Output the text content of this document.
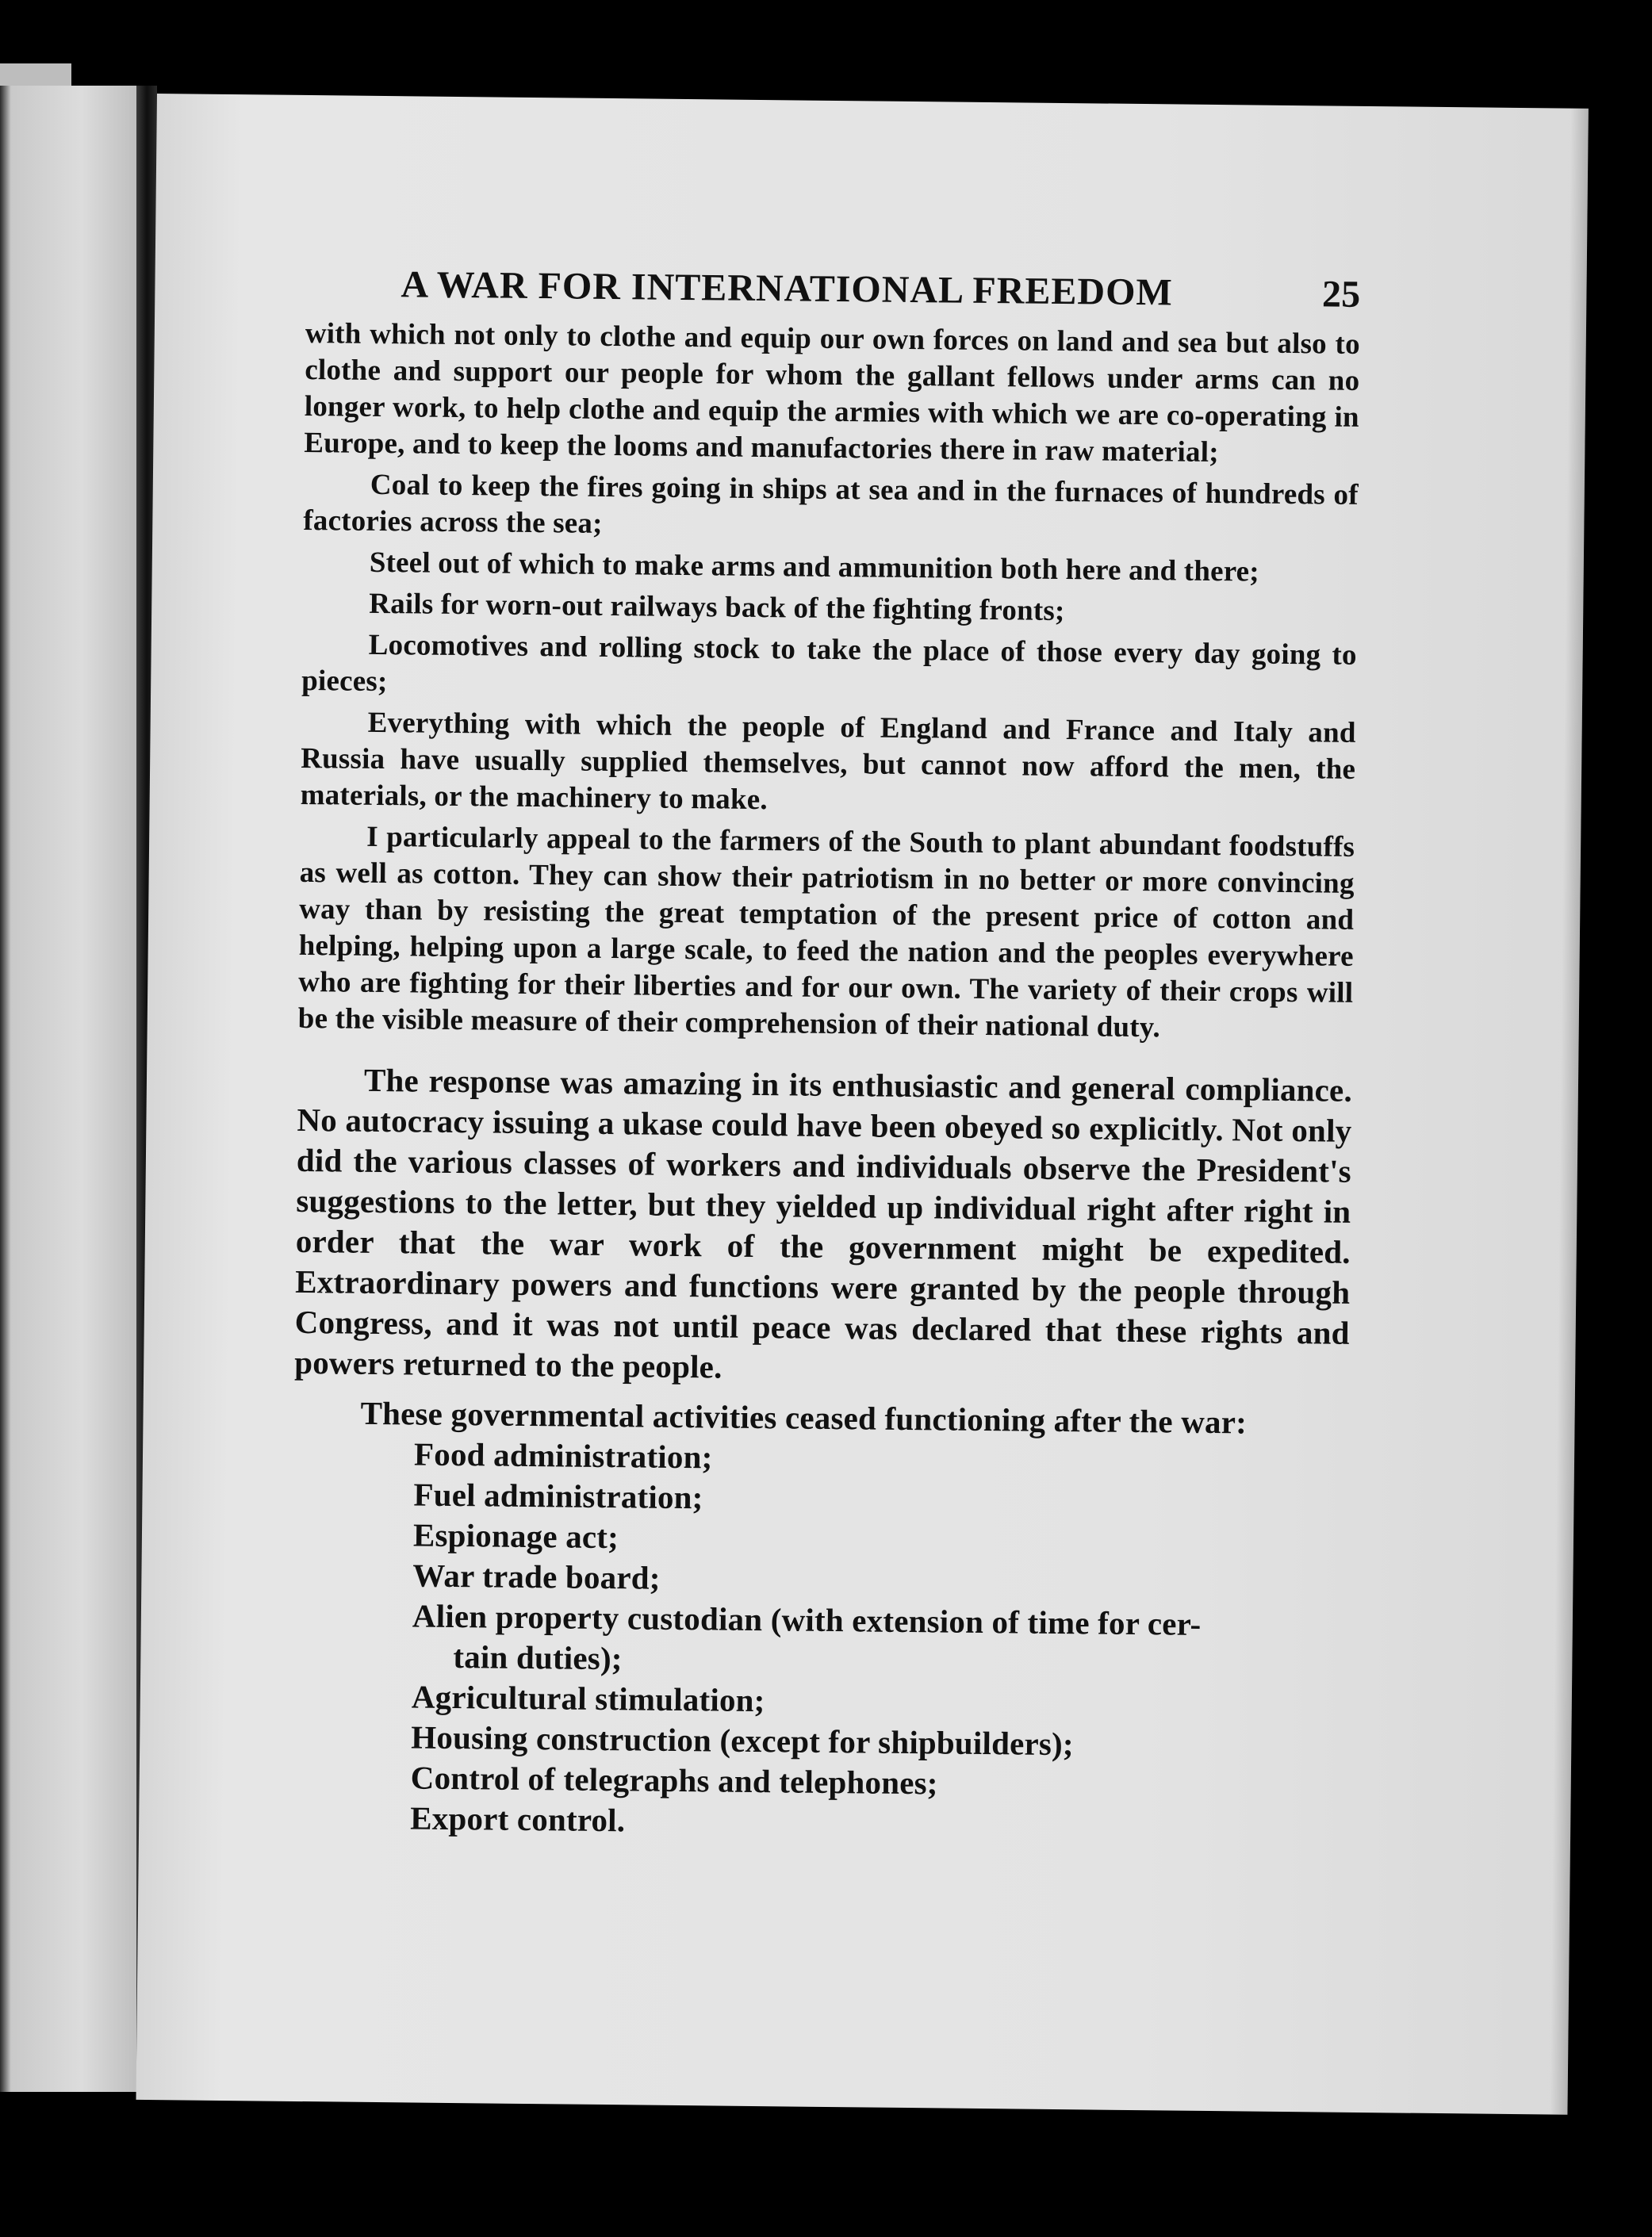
A WAR FOR INTERNATIONAL FREEDOM	25

with which not only to clothe and equip our own forces on land and sea but also to clothe and support our people for whom the gallant fellows under arms can no longer work, to help clothe and equip the armies with which we are co-operating in Europe, and to keep the looms and manufactories there in raw material;

Coal to keep the fires going in ships at sea and in the furnaces of hundreds of factories across the sea;

Steel out of which to make arms and ammunition both here and there;

Rails for worn-out railways back of the fighting fronts;

Locomotives and rolling stock to take the place of those every day going to pieces;

Everything with which the people of England and France and Italy and Russia have usually supplied themselves, but cannot now afford the men, the materials, or the machinery to make.

I particularly appeal to the farmers of the South to plant abundant foodstuffs as well as cotton. They can show their patriotism in no better or more convincing way than by resisting the great temptation of the present price of cotton and helping, helping upon a large scale, to feed the nation and the peoples everywhere who are fighting for their liberties and for our own. The variety of their crops will be the visible measure of their comprehension of their national duty.

The response was amazing in its enthusiastic and general compliance. No autocracy issuing a ukase could have been obeyed so explicitly. Not only did the various classes of workers and individuals observe the President's suggestions to the letter, but they yielded up individual right after right in order that the war work of the government might be expedited. Extraordinary powers and functions were granted by the people through Congress, and it was not until peace was declared that these rights and powers returned to the people.

These governmental activities ceased functioning after the war:

Food administration;
Fuel administration;
Espionage act;
War trade board;
Alien property custodian (with extension of time for cer-
tain duties);
Agricultural stimulation;
Housing construction (except for shipbuilders);
Control of telegraphs and telephones;
Export control.
